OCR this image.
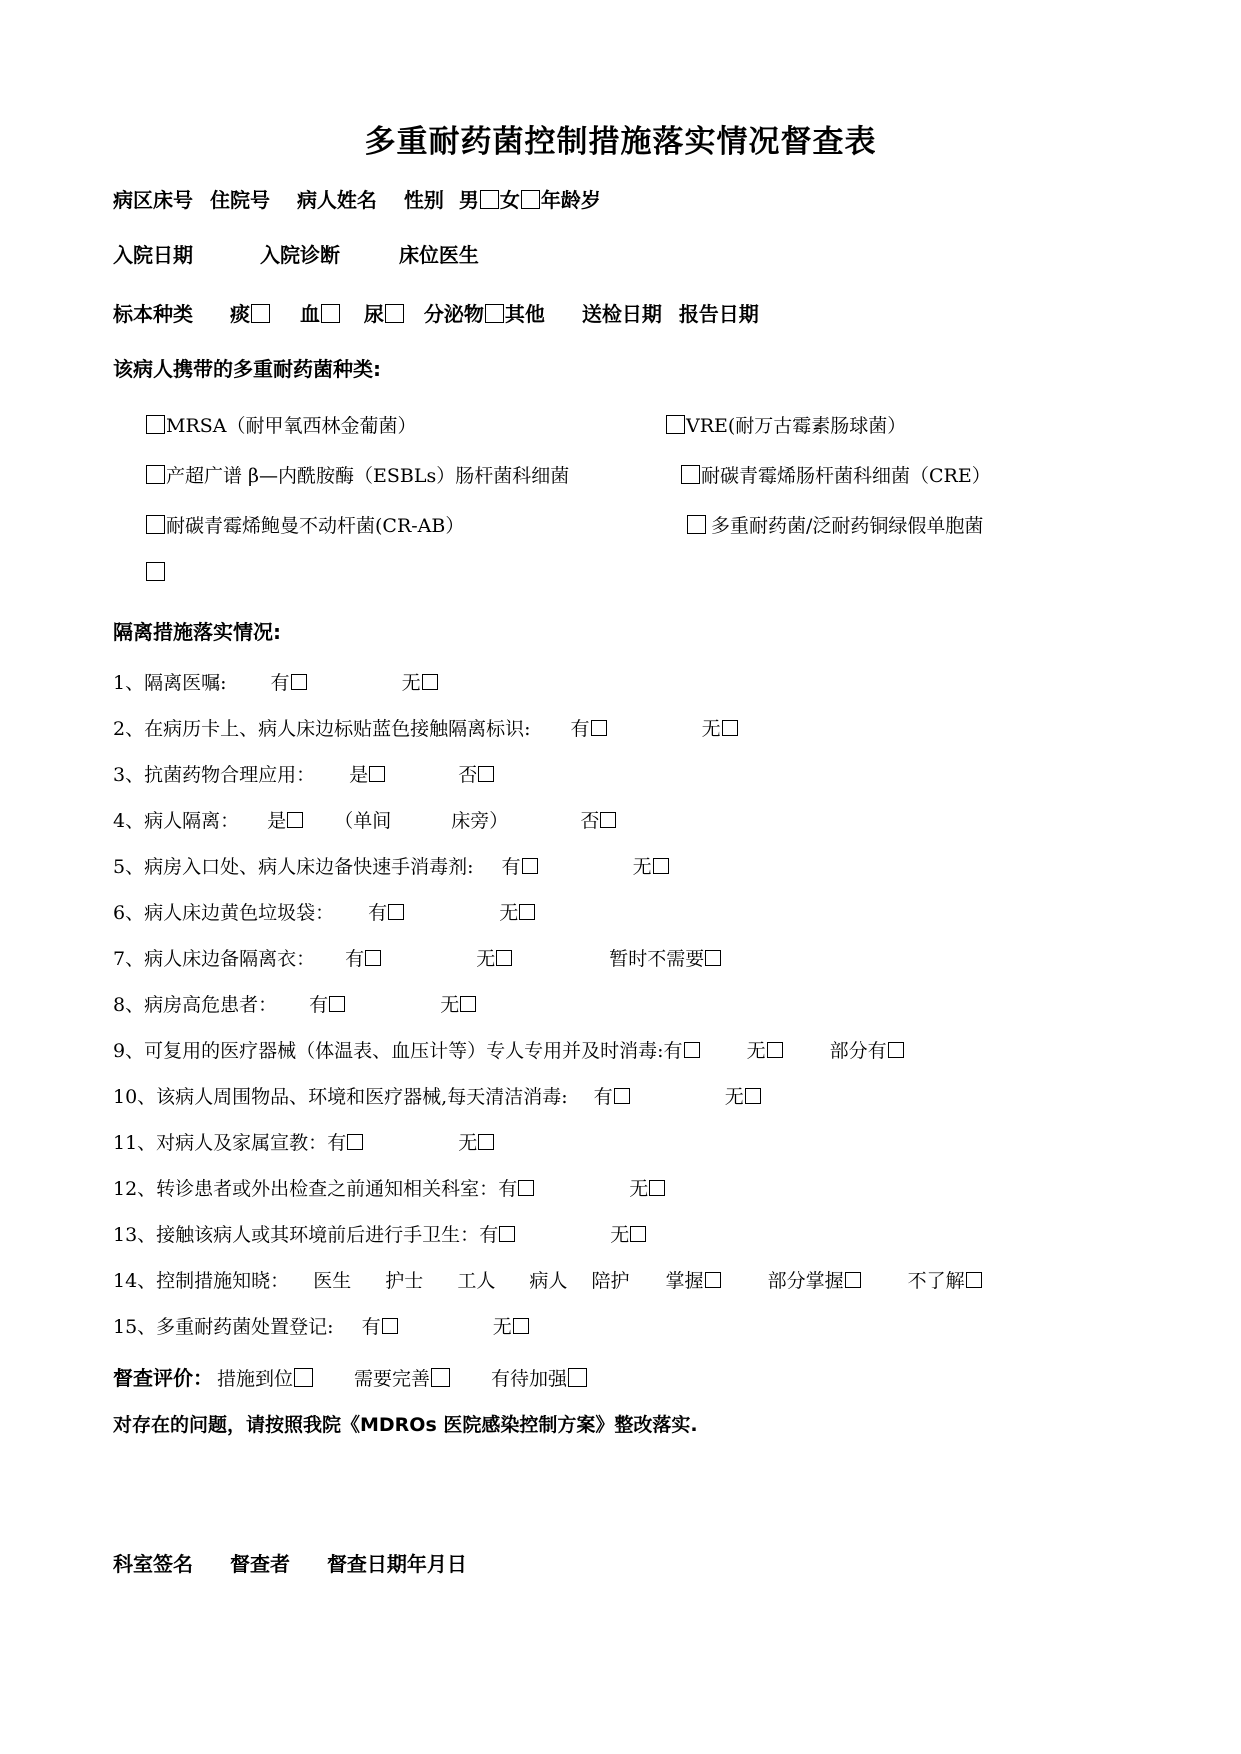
多重耐药菌控制措施落实情况督查表
病区床号 住院号 病人姓名 性别 男 女 年龄岁
入院日期	入院诊断	床位医生
标本种类 痰 血 尿 分泌物 其他 送检日期 报告日期
该病人携带的多重耐药菌种类:
MRSA（耐甲氧西林金葡菌）	VRE(耐万古霉素肠球菌）
产超广谱 β—内酰胺酶（ESBLs）肠杆菌科细菌	耐碳青霉烯肠杆菌科细菌（CRE）
耐碳青霉烯鲍曼不动杆菌(CR-AB）	多重耐药菌/泛耐药铜绿假单胞菌
隔离措施落实情况:
1、隔离医嘱: 有	无
2、在病历卡上、病人床边标贴蓝色接触隔离标识: 有	无
3、抗菌药物合理应用： 是	否
4、病人隔离： 是	（单间	床旁）	否
5、病房入口处、病人床边备快速手消毒剂: 有	无
6、病人床边黄色垃圾袋： 有	无
7、病人床边备隔离衣： 有	无	暂时不需要
8、病房高危患者： 有	无
9、可复用的医疗器械（体温表、血压计等）专人专用并及时消毒:有	无	部分有
10、该病人周围物品、环境和医疗器械,每天清洁消毒: 有	无
11、对病人及家属宣教：有	无
12、转诊患者或外出检查之前通知相关科室：有	无
13、接触该病人或其环境前后进行手卫生：有	无
14、控制措施知晓： 医生 护士 工人 病人 陪护 掌握	部分掌握	不了解
15、多重耐药菌处置登记: 有	无
督查评价： 措施到位	需要完善	有待加强
对存在的问题，请按照我院《MDROs 医院感染控制方案》整改落实.
科室签名 督查者 督查日期年月日
